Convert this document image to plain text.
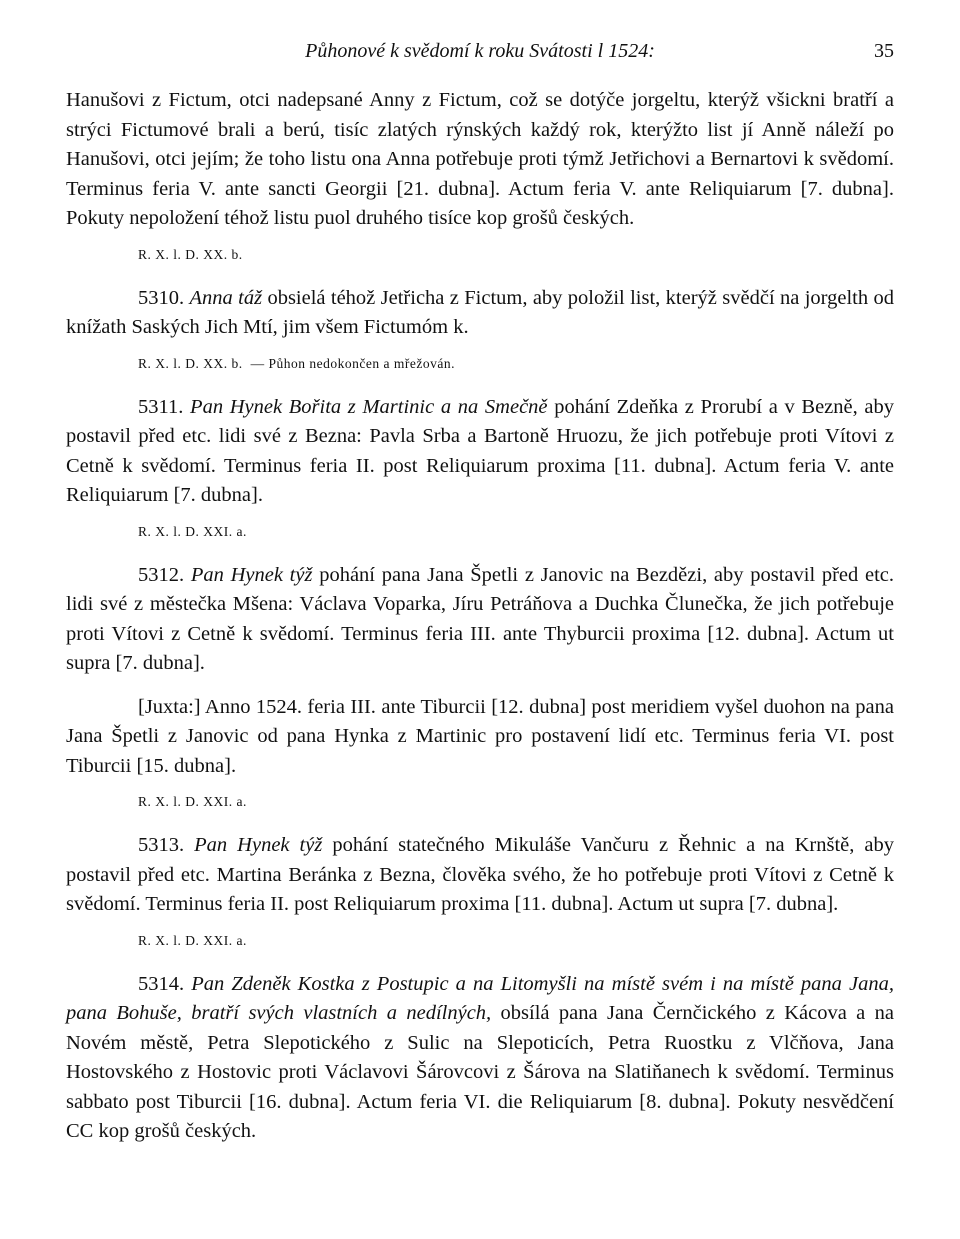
Půhonové k svědomí k roku Svátosti l 1524:	35

Hanušovi z Fictum, otci nadepsané Anny z Fictum, což se dotýče jorgeltu, kterýž všickni bratří a strýci Fictumové brali a berú, tisíc zlatých rýnských každý rok, kterýžto list jí Anně náleží po Hanušovi, otci jejím; že toho listu ona Anna potřebuje proti týmž Jetřichovi a Bernartovi k svědomí. Terminus feria V. ante sancti Georgii [21. dubna]. Actum feria V. ante Reliquiarum [7. dubna]. Pokuty nepoložení téhož listu puol druhého tisíce kop grošů českých.

R. X. l. D. XX. b.

5310. Anna táž obsielá téhož Jetřicha z Fictum, aby položil list, kterýž svědčí na jorgelth od knížath Saských Jich Mtí, jim všem Fictumóm k.

R. X. l. D. XX. b. — Půhon nedokončen a mřežován.

5311. Pan Hynek Bořita z Martinic a na Smečně pohání Zdeňka z Prorubí a v Bezně, aby postavil před etc. lidi své z Bezna: Pavla Srba a Bartoně Hruozu, že jich potřebuje proti Vítovi z Cetně k svědomí. Terminus feria II. post Reliquiarum proxima [11. dubna]. Actum feria V. ante Reliquiarum [7. dubna].

R. X. l. D. XXI. a.

5312. Pan Hynek týž pohání pana Jana Špetli z Janovic na Bezdězi, aby postavil před etc. lidi své z městečka Mšena: Václava Voparka, Jíru Petráňova a Duchka Člunečka, že jich potřebuje proti Vítovi z Cetně k svědomí. Terminus feria III. ante Thyburcii proxima [12. dubna]. Actum ut supra [7. dubna].

[Juxta:] Anno 1524. feria III. ante Tiburcii [12. dubna] post meridiem vyšel duohon na pana Jana Špetli z Janovic od pana Hynka z Martinic pro postavení lidí etc. Terminus feria VI. post Tiburcii [15. dubna].

R. X. l. D. XXI. a.

5313. Pan Hynek týž pohání statečného Mikuláše Vančuru z Řehnic a na Krnště, aby postavil před etc. Martina Beránka z Bezna, člověka svého, že ho potřebuje proti Vítovi z Cetně k svědomí. Terminus feria II. post Reliquiarum proxima [11. dubna]. Actum ut supra [7. dubna].

R. X. l. D. XXI. a.

5314. Pan Zdeněk Kostka z Postupic a na Litomyšli na místě svém i na místě pana Jana, pana Bohuše, bratří svých vlastních a nedílných, obsílá pana Jana Černčického z Kácova a na Novém městě, Petra Slepotického z Sulic na Slepoticích, Petra Ruostku z Vlčňova, Jana Hostovského z Hostovic proti Václavovi Šárovcovi z Šárova na Slatiňanech k svědomí. Terminus sabbato post Tiburcii [16. dubna]. Actum feria VI. die Reliquiarum [8. dubna]. Pokuty nesvědčení CC kop grošů českých.
